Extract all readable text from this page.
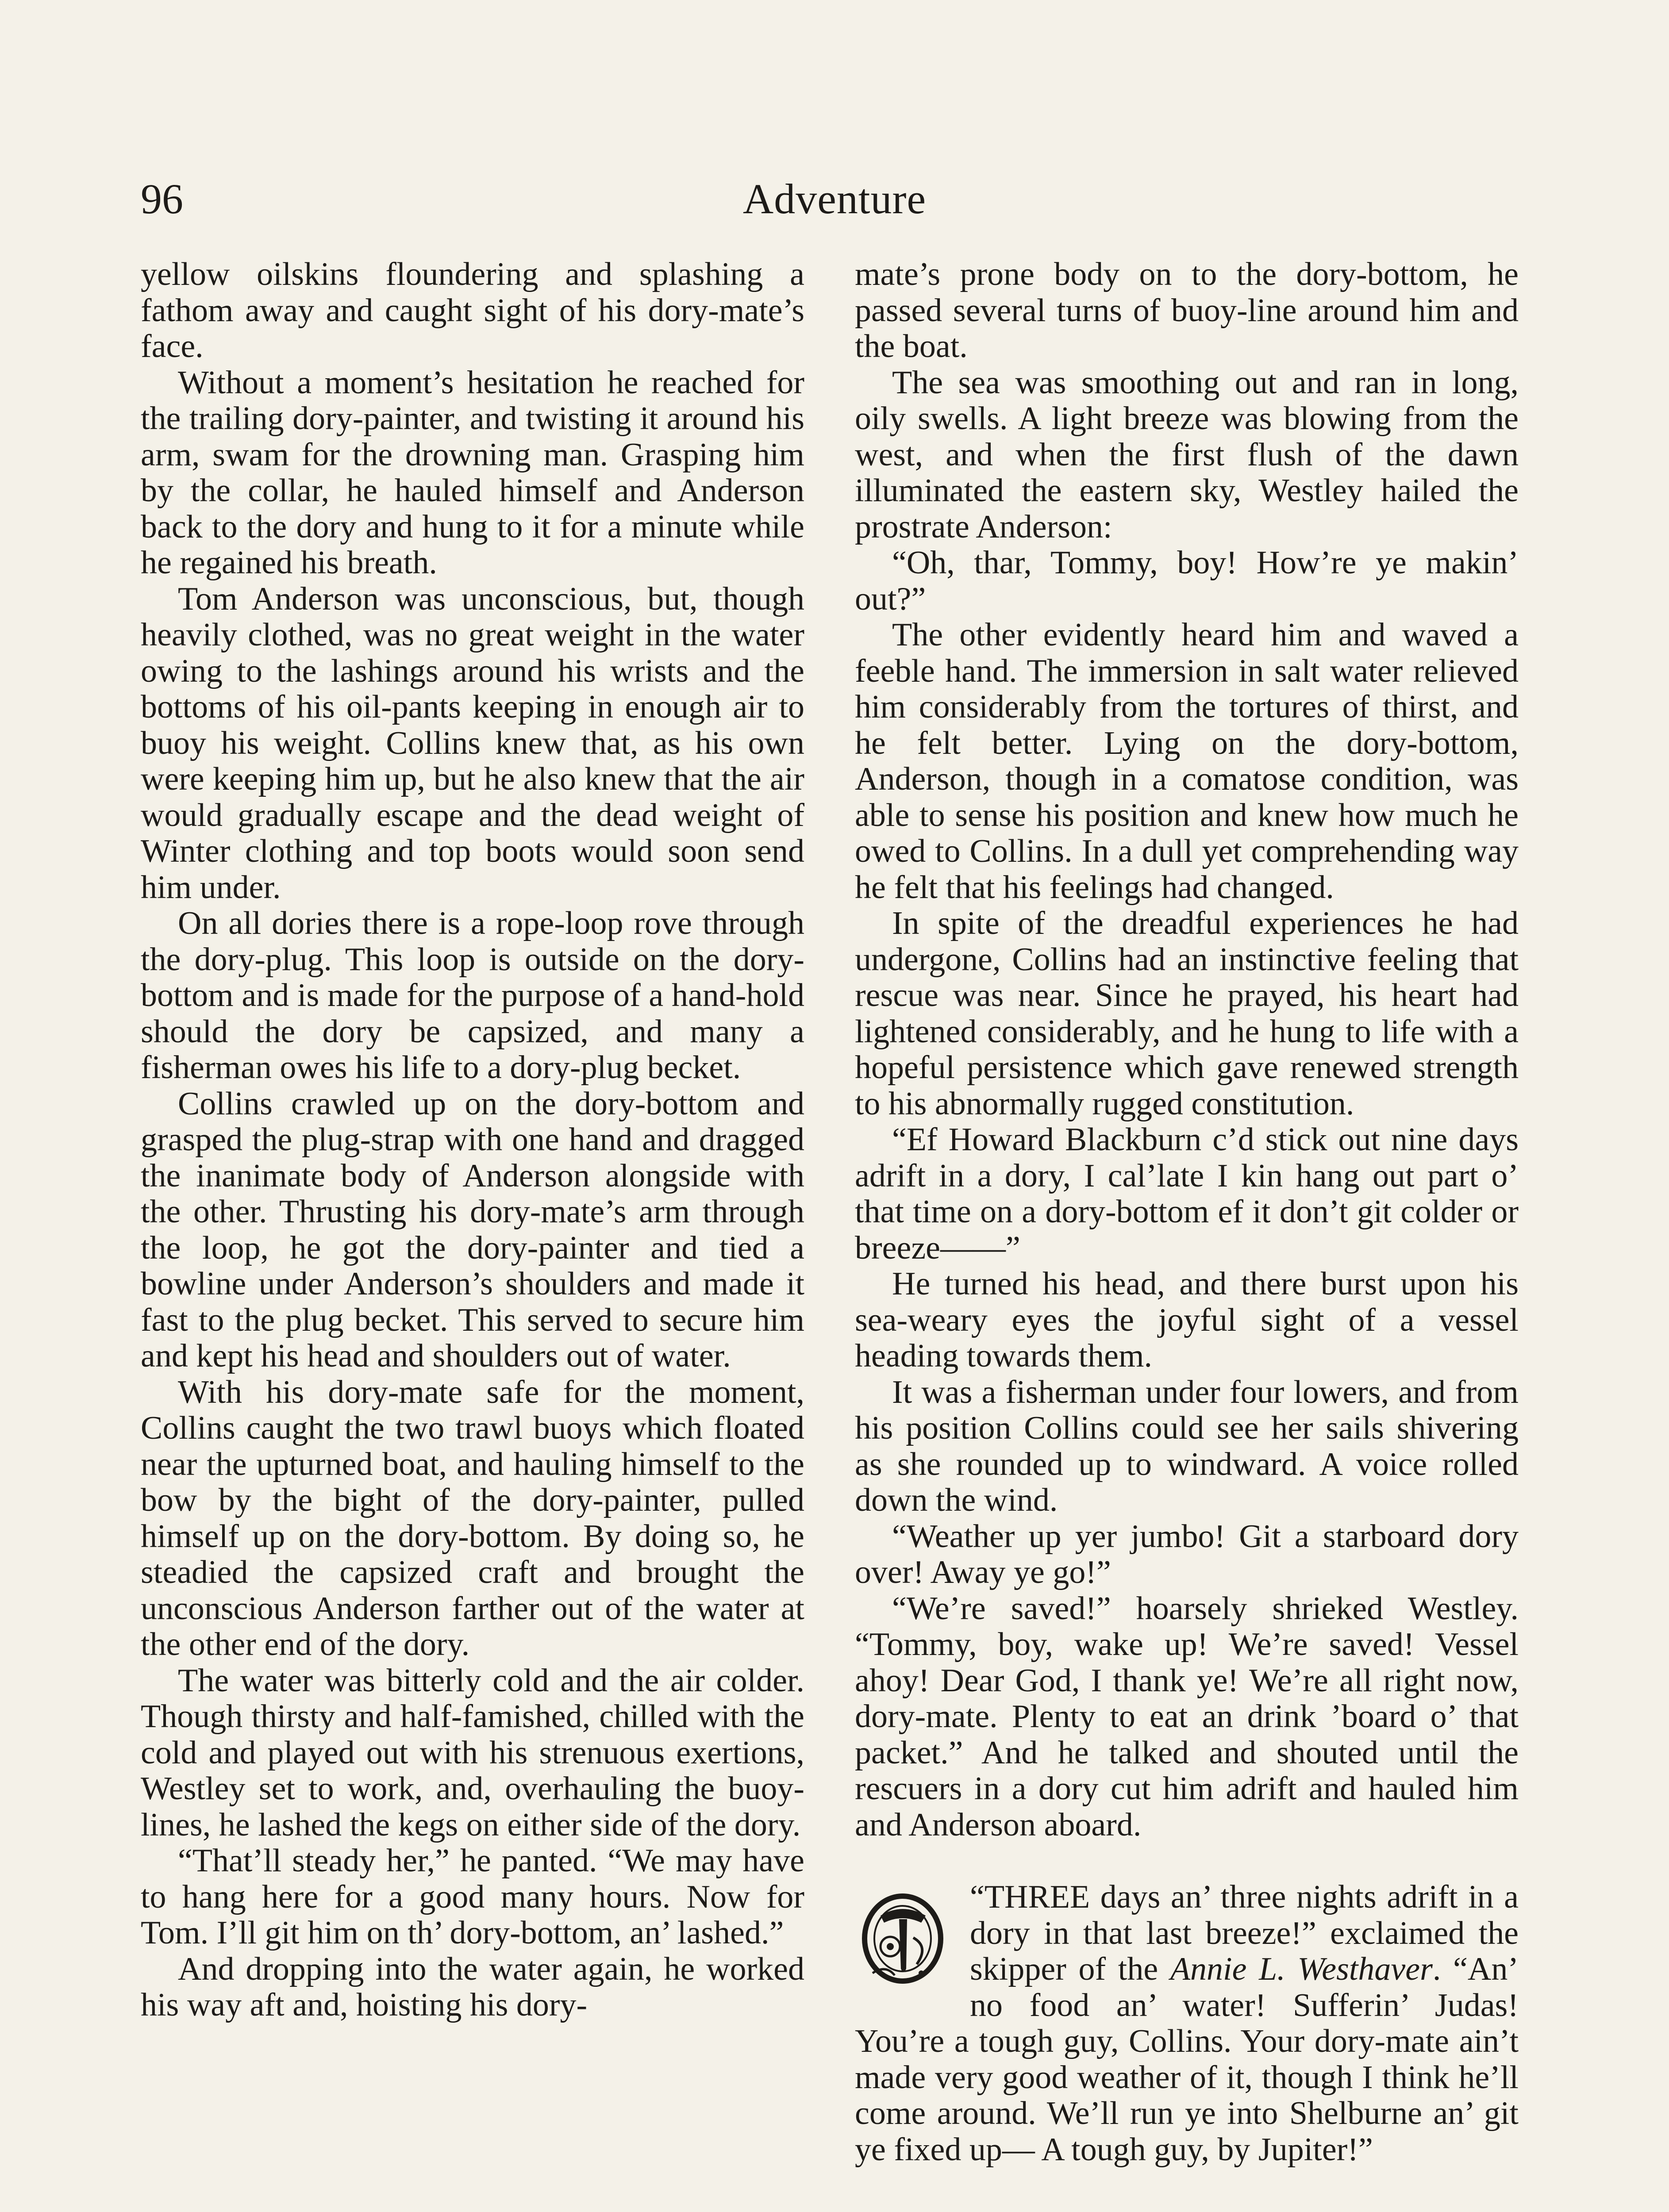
Adventure
96

yellow oilskins floundering and splashing a fathom away and caught sight of his dory-mate’s face.

Without a moment’s hesitation he reached for the trailing dory-painter, and twisting it around his arm, swam for the drowning man. Grasping him by the collar, he hauled himself and Anderson back to the dory and hung to it for a minute while he regained his breath.

Tom Anderson was unconscious, but, though heavily clothed, was no great weight in the water owing to the lashings around his wrists and the bottoms of his oil-pants keeping in enough air to buoy his weight. Collins knew that, as his own were keeping him up, but he also knew that the air would gradually escape and the dead weight of Winter clothing and top boots would soon send him under.

On all dories there is a rope-loop rove through the dory-plug. This loop is outside on the dory-bottom and is made for the purpose of a hand-hold should the dory be capsized, and many a fisherman owes his life to a dory-plug becket.

Collins crawled up on the dory-bottom and grasped the plug-strap with one hand and dragged the inanimate body of Anderson alongside with the other. Thrusting his dory-mate’s arm through the loop, he got the dory-painter and tied a bowline under Anderson’s shoulders and made it fast to the plug becket. This served to secure him and kept his head and shoulders out of water.

With his dory-mate safe for the moment, Collins caught the two trawl buoys which floated near the upturned boat, and hauling himself to the bow by the bight of the dory-painter, pulled himself up on the dory-bottom. By doing so, he steadied the capsized craft and brought the unconscious Anderson farther out of the water at the other end of the dory.

The water was bitterly cold and the air colder. Though thirsty and half-famished, chilled with the cold and played out with his strenuous exertions, Westley set to work, and, overhauling the buoy-lines, he lashed the kegs on either side of the dory.

“That’ll steady her,” he panted. “We may have to hang here for a good many hours. Now for Tom. I’ll git him on th’ dory-bottom, an’ lashed.”

And dropping into the water again, he worked his way aft and, hoisting his dory-

mate’s prone body on to the dory-bottom, he passed several turns of buoy-line around him and the boat.

The sea was smoothing out and ran in long, oily swells. A light breeze was blowing from the west, and when the first flush of the dawn illuminated the eastern sky, Westley hailed the prostrate Anderson:

“Oh, thar, Tommy, boy! How’re ye makin’ out?”

The other evidently heard him and waved a feeble hand. The immersion in salt water relieved him considerably from the tortures of thirst, and he felt better. Lying on the dory-bottom, Anderson, though in a comatose condition, was able to sense his position and knew how much he owed to Collins. In a dull yet comprehending way he felt that his feelings had changed.

In spite of the dreadful experiences he had undergone, Collins had an instinctive feeling that rescue was near. Since he prayed, his heart had lightened considerably, and he hung to life with a hopeful persistence which gave renewed strength to his abnormally rugged constitution.

“Ef Howard Blackburn c’d stick out nine days adrift in a dory, I cal’late I kin hang out part o’ that time on a dory-bottom ef it don’t git colder or breeze——”

He turned his head, and there burst upon his sea-weary eyes the joyful sight of a vessel heading towards them.

It was a fisherman under four lowers, and from his position Collins could see her sails shivering as she rounded up to windward. A voice rolled down the wind.

“Weather up yer jumbo! Git a starboard dory over! Away ye go!”

“We’re saved!” hoarsely shrieked Westley. “Tommy, boy, wake up! We’re saved! Vessel ahoy! Dear God, I thank ye! We’re all right now, dory-mate. Plenty to eat an drink ’board o’ that packet.” And he talked and shouted until the rescuers in a dory cut him adrift and hauled him and Anderson aboard.

“THREE days an’ three nights adrift in a dory in that last breeze!” exclaimed the skipper of the Annie L. Westhaver. “An’ no food an’ water! Sufferin’ Judas! You’re a tough guy, Collins. Your dory-mate ain’t made very good weather of it, though I think he’ll come around. We’ll run ye into Shelburne an’ git ye fixed up— A tough guy, by Jupiter!”
